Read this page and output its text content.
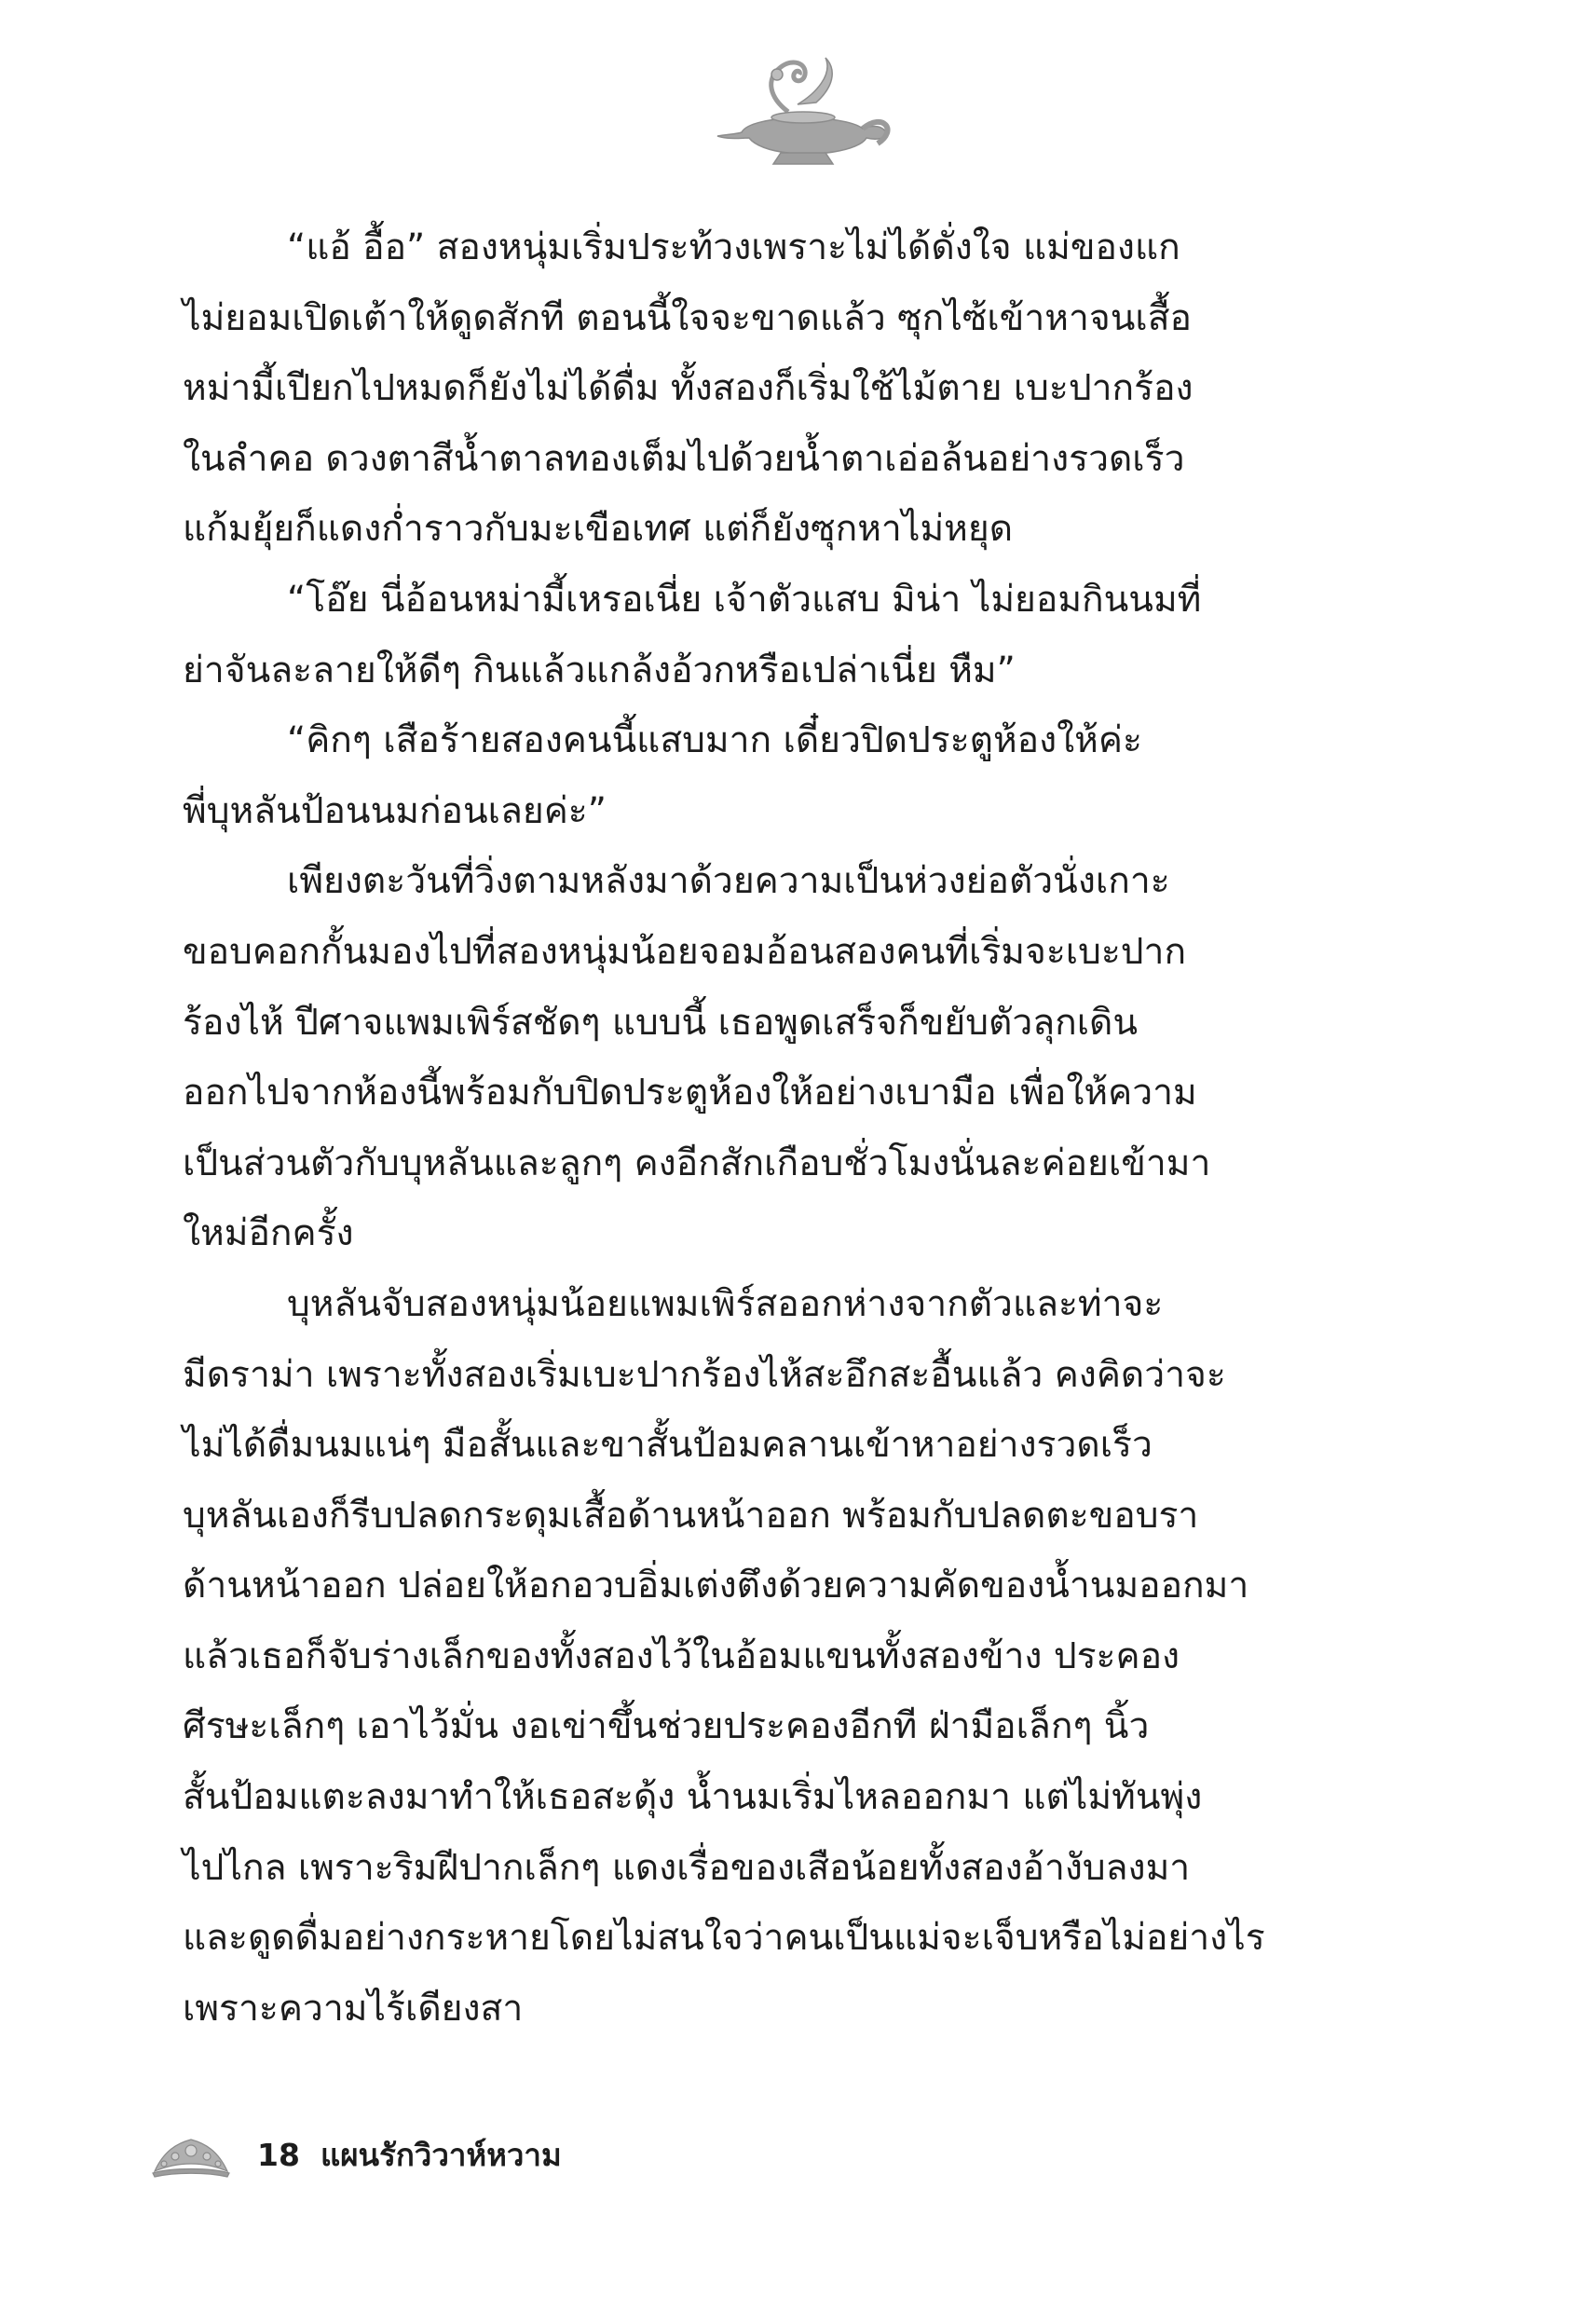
“แอ้ อื้อ” สองหนุ่มเริ่มประท้วงเพราะไม่ได้ดั่งใจ แม่ของแก
ไม่ยอมเปิดเต้าให้ดูดสักที ตอนนี้ใจจะขาดแล้ว ซุกไซ้เข้าหาจนเสื้อ
หม่ามี้เปียกไปหมดก็ยังไม่ได้ดื่ม ทั้งสองก็เริ่มใช้ไม้ตาย เบะปากร้อง
ในลำคอ ดวงตาสีน้ำตาลทองเต็มไปด้วยน้ำตาเอ่อล้นอย่างรวดเร็ว
แก้มยุ้ยก็แดงก่ำราวกับมะเขือเทศ แต่ก็ยังซุกหาไม่หยุด

“โอ๊ย นี่อ้อนหม่ามี้เหรอเนี่ย เจ้าตัวแสบ มิน่า ไม่ยอมกินนมที่
ย่าจันละลายให้ดีๆ กินแล้วแกล้งอ้วกหรือเปล่าเนี่ย หืม”

“คิกๆ เสือร้ายสองคนนี้แสบมาก เดี๋ยวปิดประตูห้องให้ค่ะ
พี่บุหลันป้อนนมก่อนเลยค่ะ”

เพียงตะวันที่วิ่งตามหลังมาด้วยความเป็นห่วงย่อตัวนั่งเกาะ
ขอบคอกกั้นมองไปที่สองหนุ่มน้อยจอมอ้อนสองคนที่เริ่มจะเบะปาก
ร้องไห้ ปีศาจแพมเพิร์สชัดๆ แบบนี้ เธอพูดเสร็จก็ขยับตัวลุกเดิน
ออกไปจากห้องนี้พร้อมกับปิดประตูห้องให้อย่างเบามือ เพื่อให้ความ
เป็นส่วนตัวกับบุหลันและลูกๆ คงอีกสักเกือบชั่วโมงนั่นละค่อยเข้ามา
ใหม่อีกครั้ง

บุหลันจับสองหนุ่มน้อยแพมเพิร์สออกห่างจากตัวและท่าจะ
มีดราม่า เพราะทั้งสองเริ่มเบะปากร้องไห้สะอึกสะอื้นแล้ว คงคิดว่าจะ
ไม่ได้ดื่มนมแน่ๆ มือสั้นและขาสั้นป้อมคลานเข้าหาอย่างรวดเร็ว
บุหลันเองก็รีบปลดกระดุมเสื้อด้านหน้าออก พร้อมกับปลดตะขอบรา
ด้านหน้าออก ปล่อยให้อกอวบอิ่มเต่งตึงด้วยความคัดของน้ำนมออกมา
แล้วเธอก็จับร่างเล็กของทั้งสองไว้ในอ้อมแขนทั้งสองข้าง ประคอง
ศีรษะเล็กๆ เอาไว้มั่น งอเข่าขึ้นช่วยประคองอีกที ฝ่ามือเล็กๆ นิ้ว
สั้นป้อมแตะลงมาทำให้เธอสะดุ้ง น้ำนมเริ่มไหลออกมา แต่ไม่ทันพุ่ง
ไปไกล เพราะริมฝีปากเล็กๆ แดงเรื่อของเสือน้อยทั้งสองอ้างับลงมา
และดูดดื่มอย่างกระหายโดยไม่สนใจว่าคนเป็นแม่จะเจ็บหรือไม่อย่างไร
เพราะความไร้เดียงสา

18 แผนรักวิวาห์หวาม
